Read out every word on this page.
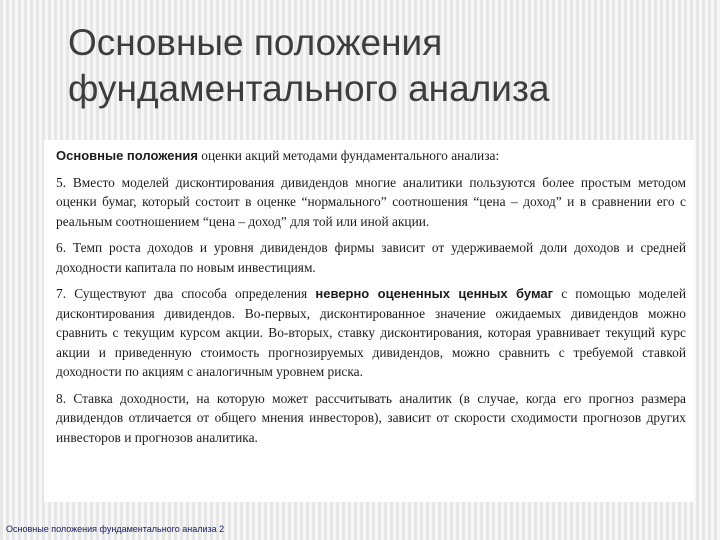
Основные положения фундаментального анализа

Основные положения оценки акций методами фундаментального анализа:

5. Вместо моделей дисконтирования дивидендов многие аналитики пользуются более простым методом оценки бумаг, который состоит в оценке “нормального” соотношения “цена – доход” и в сравнении его с реальным соотношением “цена – доход” для той или иной акции.

6. Темп роста доходов и уровня дивидендов фирмы зависит от удерживаемой доли доходов и средней доходности капитала по новым инвестициям.

7. Существуют два способа определения неверно оцененных ценных бумаг с помощью моделей дисконтирования дивидендов. Во-первых, дисконтированное значение ожидаемых дивидендов можно сравнить с текущим курсом акции. Во-вторых, ставку дисконтирования, которая уравнивает текущий курс акции и приведенную стоимость прогнозируемых дивидендов, можно сравнить с требуемой ставкой доходности по акциям с аналогичным уровнем риска.

8. Ставка доходности, на которую может рассчитывать аналитик (в случае, когда его прогноз размера дивидендов отличается от общего мнения инвесторов), зависит от скорости сходимости прогнозов других инвесторов и прогнозов аналитика.

Основные положения фундаментального анализа 2
